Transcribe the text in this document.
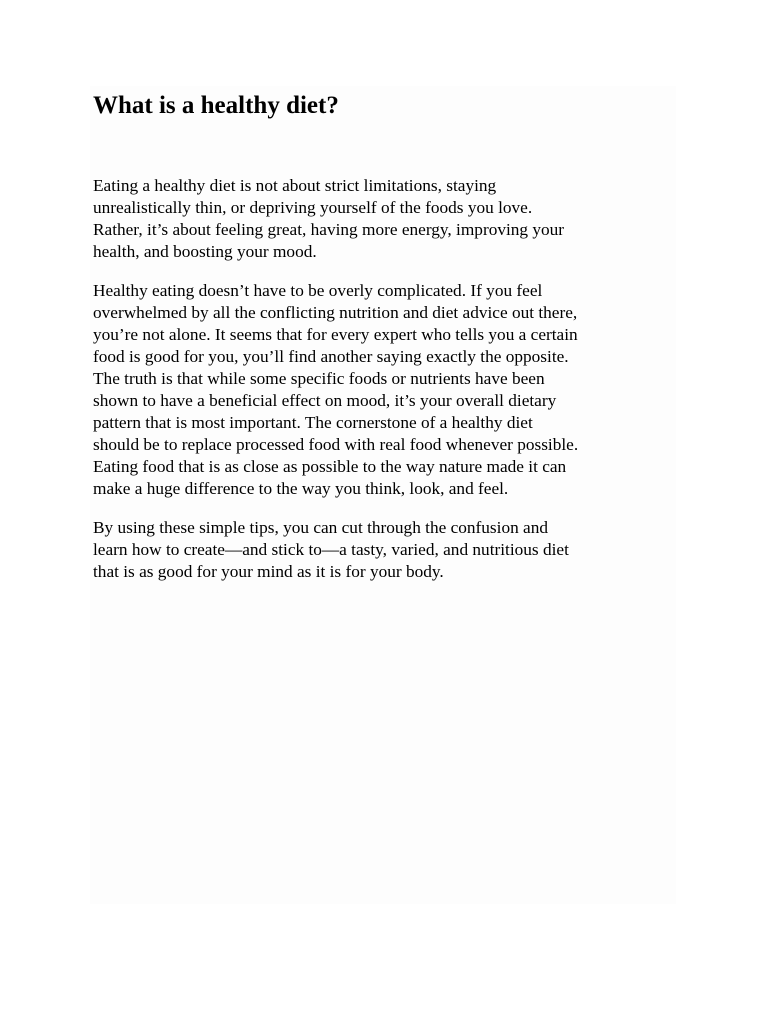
What is a healthy diet?

Eating a healthy diet is not about strict limitations, staying
unrealistically thin, or depriving yourself of the foods you love.
Rather, it’s about feeling great, having more energy, improving your
health, and boosting your mood.

Healthy eating doesn’t have to be overly complicated. If you feel
overwhelmed by all the conflicting nutrition and diet advice out there,
you’re not alone. It seems that for every expert who tells you a certain
food is good for you, you’ll find another saying exactly the opposite.
The truth is that while some specific foods or nutrients have been
shown to have a beneficial effect on mood, it’s your overall dietary
pattern that is most important. The cornerstone of a healthy diet
should be to replace processed food with real food whenever possible.
Eating food that is as close as possible to the way nature made it can
make a huge difference to the way you think, look, and feel.

By using these simple tips, you can cut through the confusion and
learn how to create—and stick to—a tasty, varied, and nutritious diet
that is as good for your mind as it is for your body.
